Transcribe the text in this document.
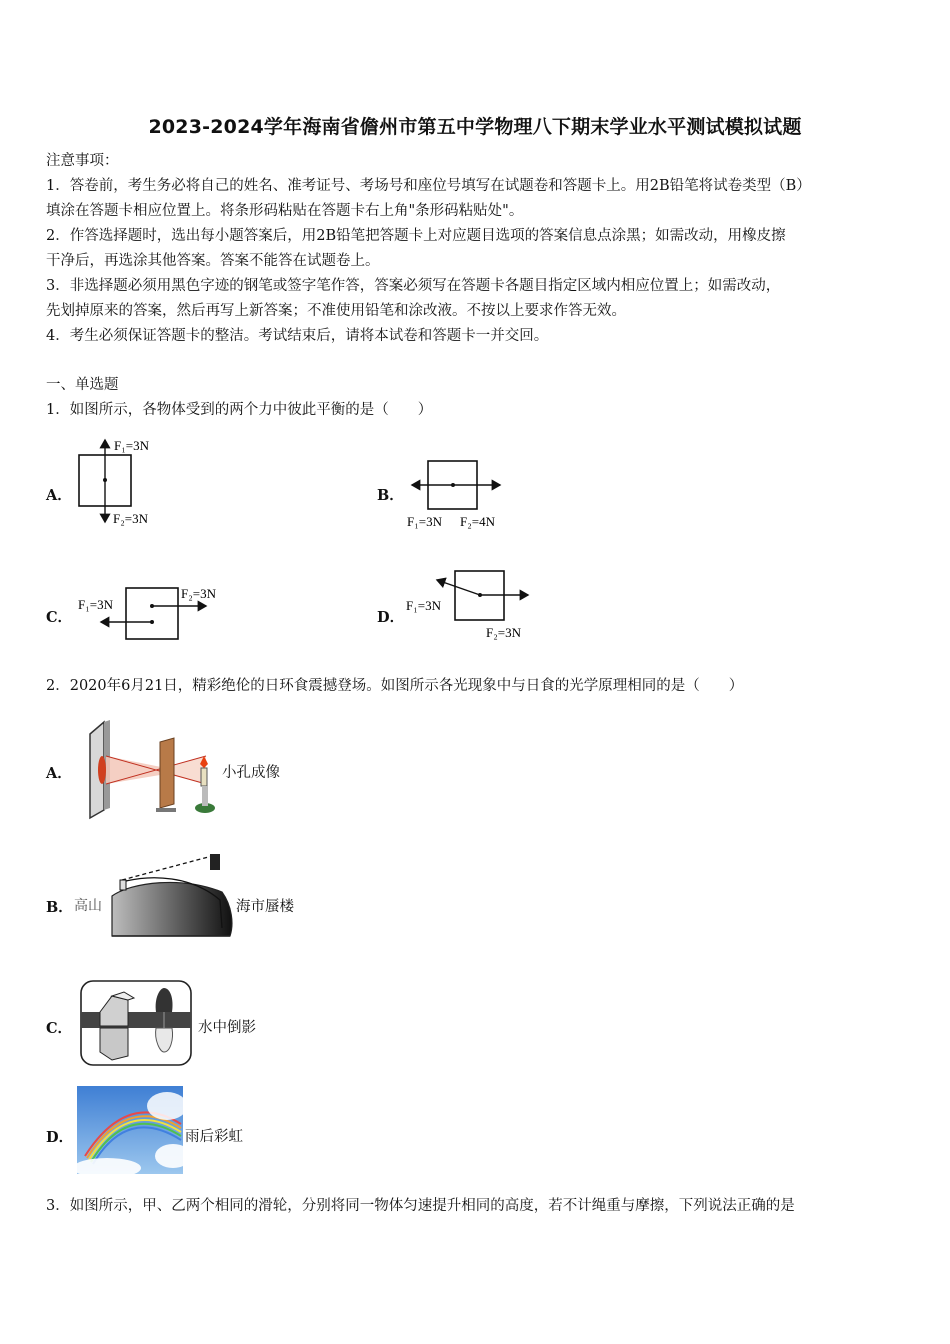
2023-2024学年海南省儋州市第五中学物理八下期末学业水平测试模拟试题
注意事项：
1．答卷前，考生务必将自己的姓名、准考证号、考场号和座位号填写在试题卷和答题卡上。用2B铅笔将试卷类型（B）
填涂在答题卡相应位置上。将条形码粘贴在答题卡右上角"条形码粘贴处"。
2．作答选择题时，选出每小题答案后，用2B铅笔把答题卡上对应题目选项的答案信息点涂黑；如需改动，用橡皮擦
干净后，再选涂其他答案。答案不能答在试题卷上。
3．非选择题必须用黑色字迹的钢笔或签字笔作答，答案必须写在答题卡各题目指定区域内相应位置上；如需改动，
先划掉原来的答案，然后再写上新答案；不准使用铅笔和涂改液。不按以上要求作答无效。
4．考生必须保证答题卡的整洁。考试结束后，请将本试卷和答题卡一并交回。
一、单选题
1．如图所示，各物体受到的两个力中彼此平衡的是（　　）
A．
F₁=3N
F₂=3N
B．
F₁=3N F₂=4N
C．
F₁=3N
F₂=3N
D．
F₁=3N
F₂=3N
2．2020年6月21日，精彩绝伦的日环食震撼登场。如图所示各光现象中与日食的光学原理相同的是（　　）
A．	小孔成像
B． 高山	海市蜃楼
C．	水中倒影
D．	雨后彩虹
3．如图所示，甲、乙两个相同的滑轮，分别将同一物体匀速提升相同的高度，若不计绳重与摩擦，下列说法正确的是
